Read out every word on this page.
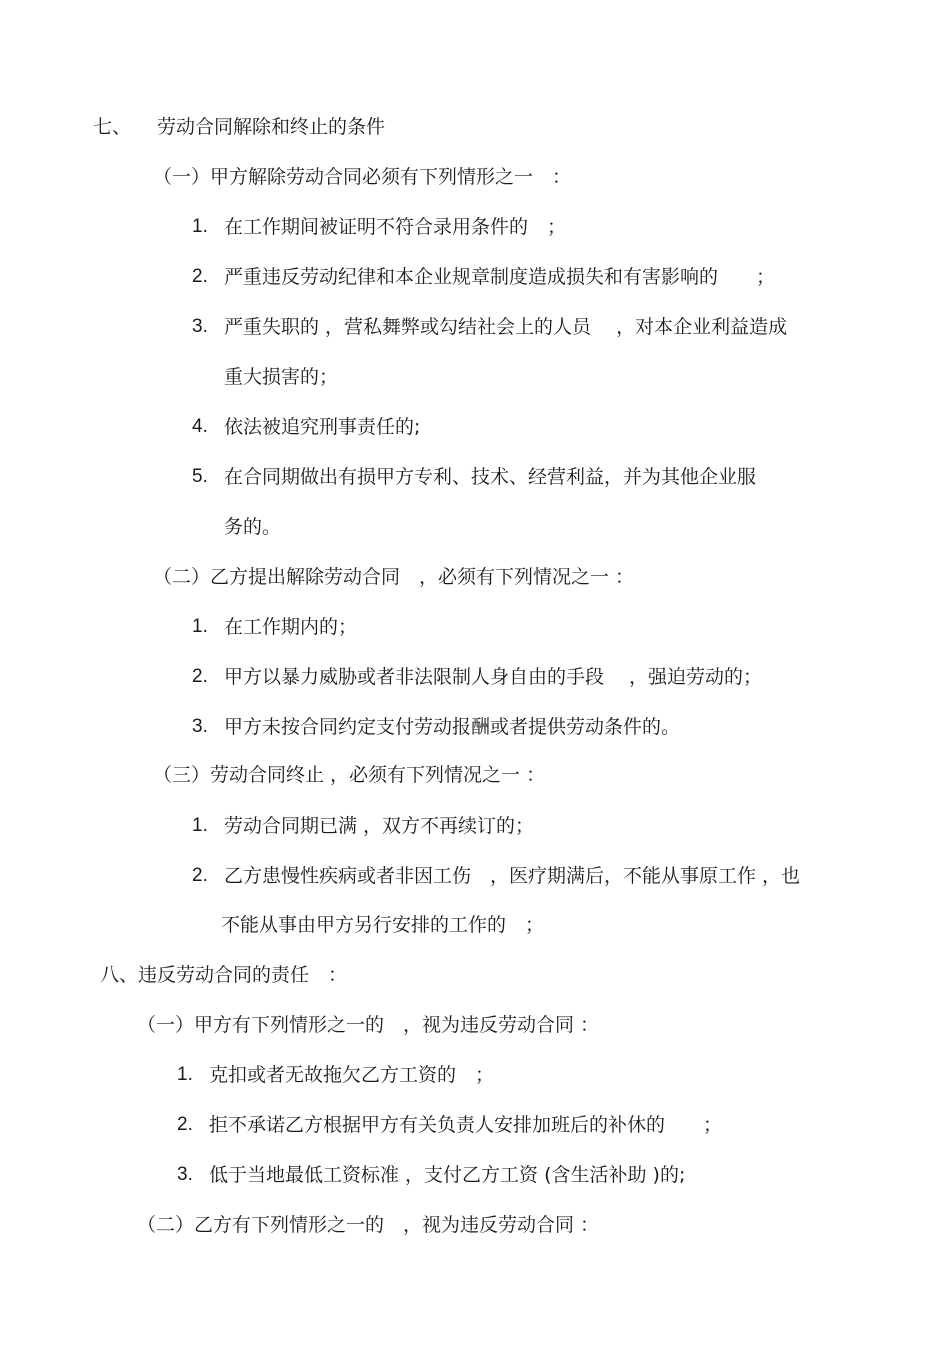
七、 劳动合同解除和终止的条件
（一）甲方解除劳动合同必须有下列情形之一　：
1. 在工作期间被证明不符合录用条件的　；
2. 严重违反劳动纪律和本企业规章制度造成损失和有害影响的　　；
3. 严重失职的 ，营私舞弊或勾结社会上的人员　 ，对本企业利益造成
重大损害的；
4. 依法被追究刑事责任的;
5. 在合同期做出有损甲方专利、技术、经营利益，并为其他企业服
务的。
（二）乙方提出解除劳动合同　，必须有下列情况之一 ：
1. 在工作期内的；
2. 甲方以暴力威胁或者非法限制人身自由的手段　 ，强迫劳动的；
3. 甲方未按合同约定支付劳动报酬或者提供劳动条件的。
（三）劳动合同终止 ，必须有下列情况之一 ：
1. 劳动合同期已满 ，双方不再续订的；
2. 乙方患慢性疾病或者非因工伤　，医疗期满后，不能从事原工作 ，也
不能从事由甲方另行安排的工作的　；
八、违反劳动合同的责任　：
（一）甲方有下列情形之一的　，视为违反劳动合同 ：
1. 克扣或者无故拖欠乙方工资的　；
2. 拒不承诺乙方根据甲方有关负责人安排加班后的补休的　　；
3. 低于当地最低工资标准 ，支付乙方工资 (含生活补助 )的;
（二）乙方有下列情形之一的　，视为违反劳动合同 ：
